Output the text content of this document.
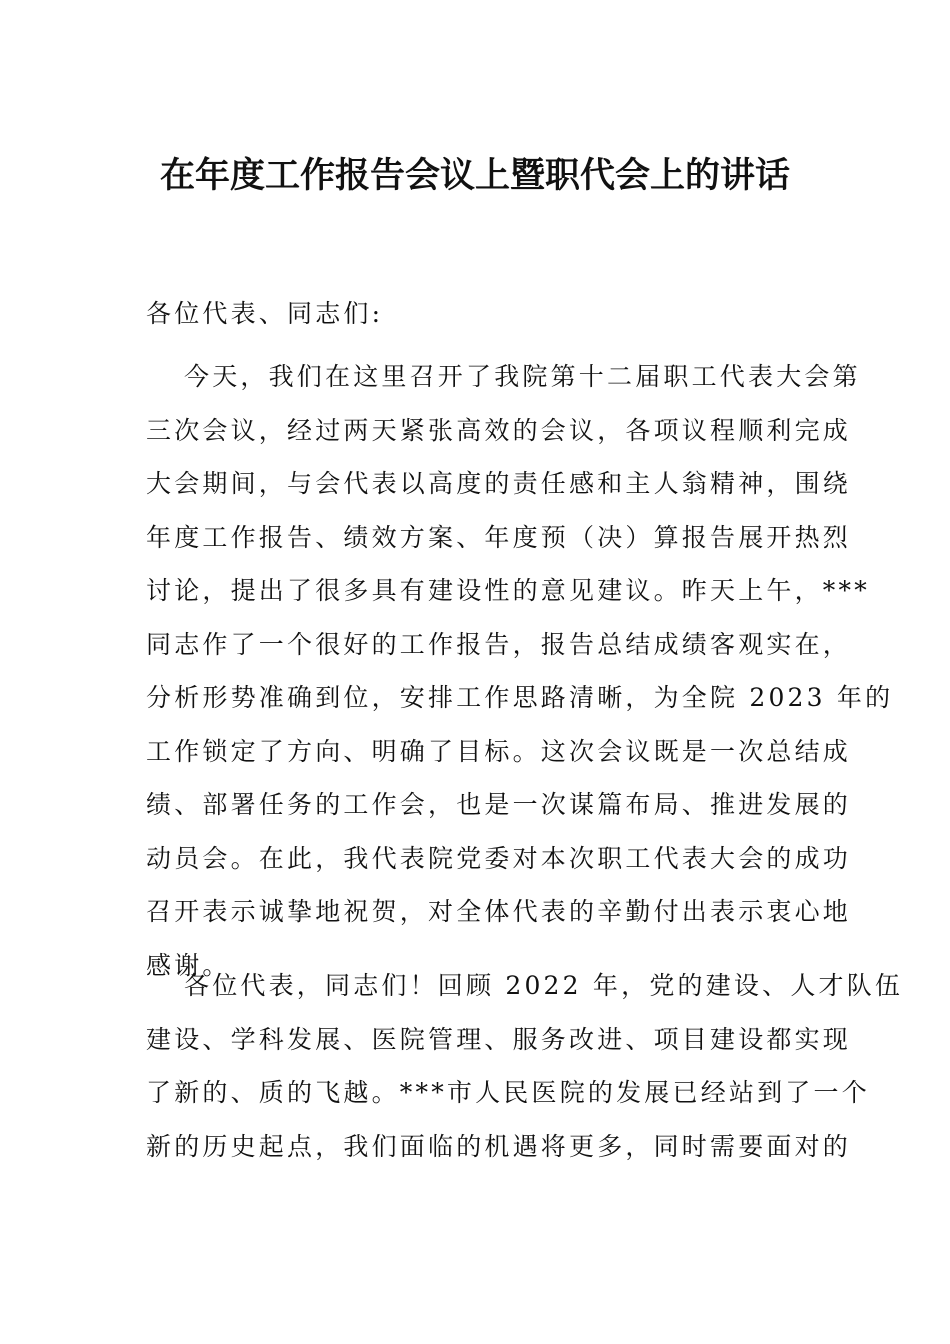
在年度工作报告会议上暨职代会上的讲话
各位代表、同志们:
今天，我们在这里召开了我院第十二届职工代表大会第
三次会议，经过两天紧张高效的会议，各项议程顺利完成
大会期间，与会代表以高度的责任感和主人翁精神，围绕
年度工作报告、绩效方案、年度预（决）算报告展开热烈
讨论，提出了很多具有建设性的意见建议。昨天上午，***
同志作了一个很好的工作报告，报告总结成绩客观实在，
分析形势准确到位，安排工作思路清晰，为全院 2023 年的
工作锁定了方向、明确了目标。这次会议既是一次总结成
绩、部署任务的工作会，也是一次谋篇布局、推进发展的
动员会。在此，我代表院党委对本次职工代表大会的成功
召开表示诚挚地祝贺，对全体代表的辛勤付出表示衷心地
感谢。
各位代表，同志们！回顾 2022 年，党的建设、人才队伍
建设、学科发展、医院管理、服务改进、项目建设都实现
了新的、质的飞越。***市人民医院的发展已经站到了一个
新的历史起点，我们面临的机遇将更多，同时需要面对的
